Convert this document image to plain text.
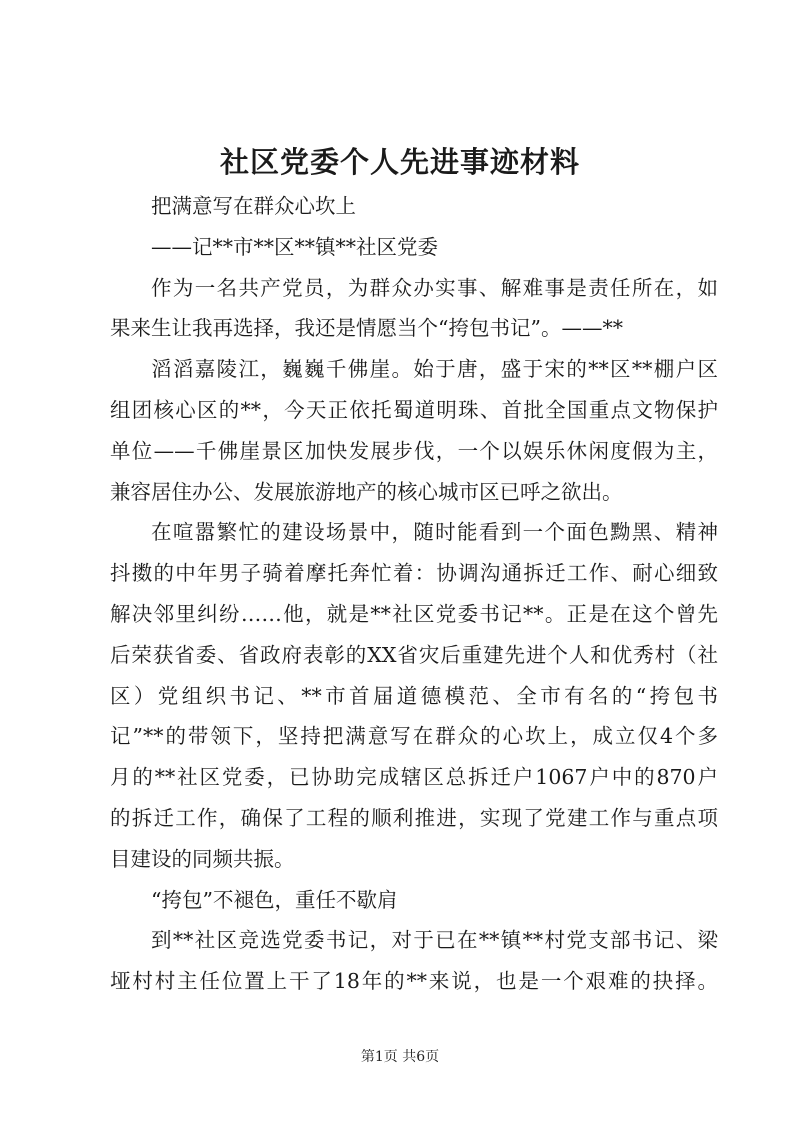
社区党委个人先进事迹材料
把满意写在群众心坎上
——记**市**区**镇**社区党委
作为一名共产党员，为群众办实事、解难事是责任所在，如
果来生让我再选择，我还是情愿当个“挎包书记”。——**
滔滔嘉陵江，巍巍千佛崖。始于唐，盛于宋的**区**棚户区
组团核心区的**，今天正依托蜀道明珠、首批全国重点文物保护
单位——千佛崖景区加快发展步伐，一个以娱乐休闲度假为主，
兼容居住办公、发展旅游地产的核心城市区已呼之欲出。
在喧嚣繁忙的建设场景中，随时能看到一个面色黝黑、精神
抖擞的中年男子骑着摩托奔忙着：协调沟通拆迁工作、耐心细致
解决邻里纠纷……他，就是**社区党委书记**。正是在这个曾先
后荣获省委、省政府表彰的XX省灾后重建先进个人和优秀村（社
区）党组织书记、**市首届道德模范、全市有名的“挎包书
记”**的带领下，坚持把满意写在群众的心坎上，成立仅4个多
月的**社区党委，已协助完成辖区总拆迁户1067户中的870户
的拆迁工作，确保了工程的顺利推进，实现了党建工作与重点项
目建设的同频共振。
“挎包”不褪色，重任不歇肩
到**社区竞选党委书记，对于已在**镇**村党支部书记、梁
垭村村主任位置上干了18年的**来说，也是一个艰难的抉择。
第1页 共6页
